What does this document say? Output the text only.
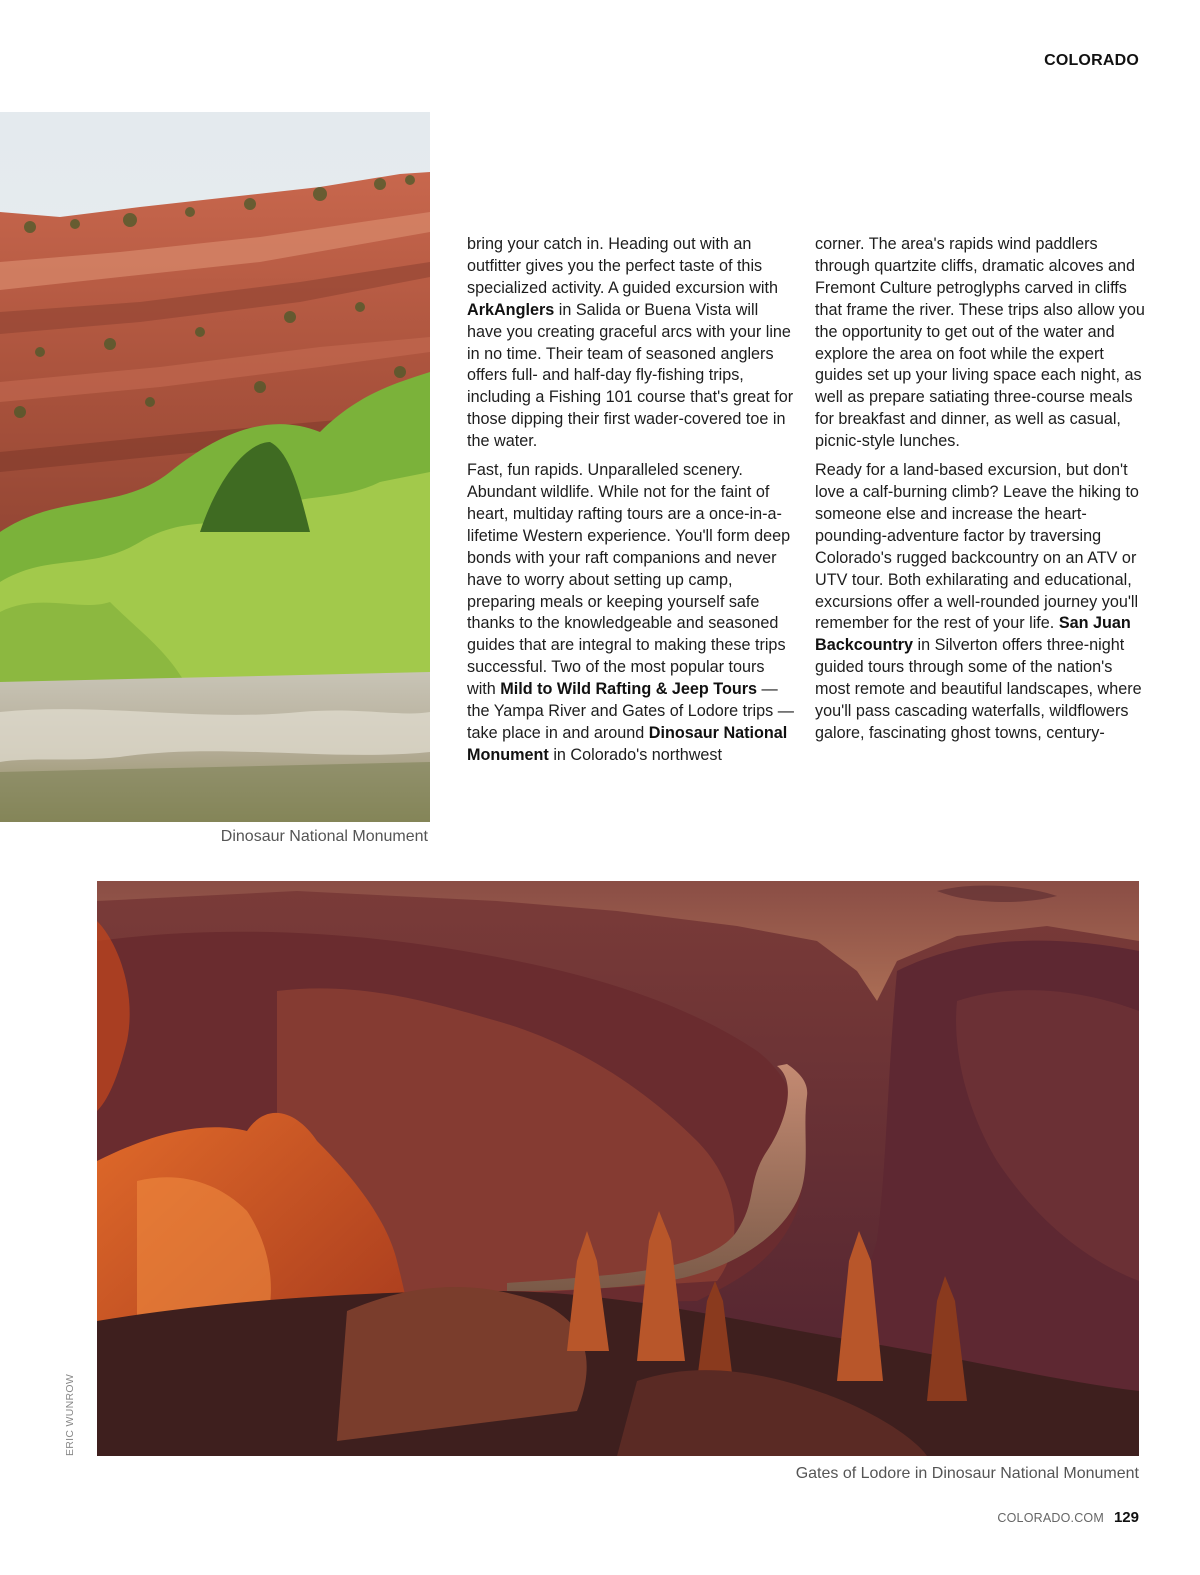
COLORADO
Dinosaur National Monument

bring your catch in. Heading out with an outfitter gives you the perfect taste of this specialized activity. A guided excursion with ArkAnglers in Salida or Buena Vista will have you creating graceful arcs with your line in no time. Their team of seasoned anglers offers full- and half-day fly-fishing trips, including a Fishing 101 course that's great for those dipping their first wader-covered toe in the water.

Fast, fun rapids. Unparalleled scenery. Abundant wildlife. While not for the faint of heart, multiday rafting tours are a once-in-a-lifetime Western experience. You'll form deep bonds with your raft companions and never have to worry about setting up camp, preparing meals or keeping yourself safe thanks to the knowledgeable and seasoned guides that are integral to making these trips successful. Two of the most popular tours with Mild to Wild Rafting & Jeep Tours — the Yampa River and Gates of Lodore trips — take place in and around Dinosaur National Monument in Colorado's northwest

corner. The area's rapids wind paddlers through quartzite cliffs, dramatic alcoves and Fremont Culture petroglyphs carved in cliffs that frame the river. These trips also allow you the opportunity to get out of the water and explore the area on foot while the expert guides set up your living space each night, as well as prepare satiating three-course meals for breakfast and dinner, as well as casual, picnic-style lunches.

Ready for a land-based excursion, but don't love a calf-burning climb? Leave the hiking to someone else and increase the heart-pounding-adventure factor by traversing Colorado's rugged backcountry on an ATV or UTV tour. Both exhilarating and educational, excursions offer a well-rounded journey you'll remember for the rest of your life. San Juan Backcountry in Silverton offers three-night guided tours through some of the nation's most remote and beautiful landscapes, where you'll pass cascading waterfalls, wildflowers galore, fascinating ghost towns, century-

Gates of Lodore in Dinosaur National Monument
ERIC WUNROW
COLORADO.COM 129
